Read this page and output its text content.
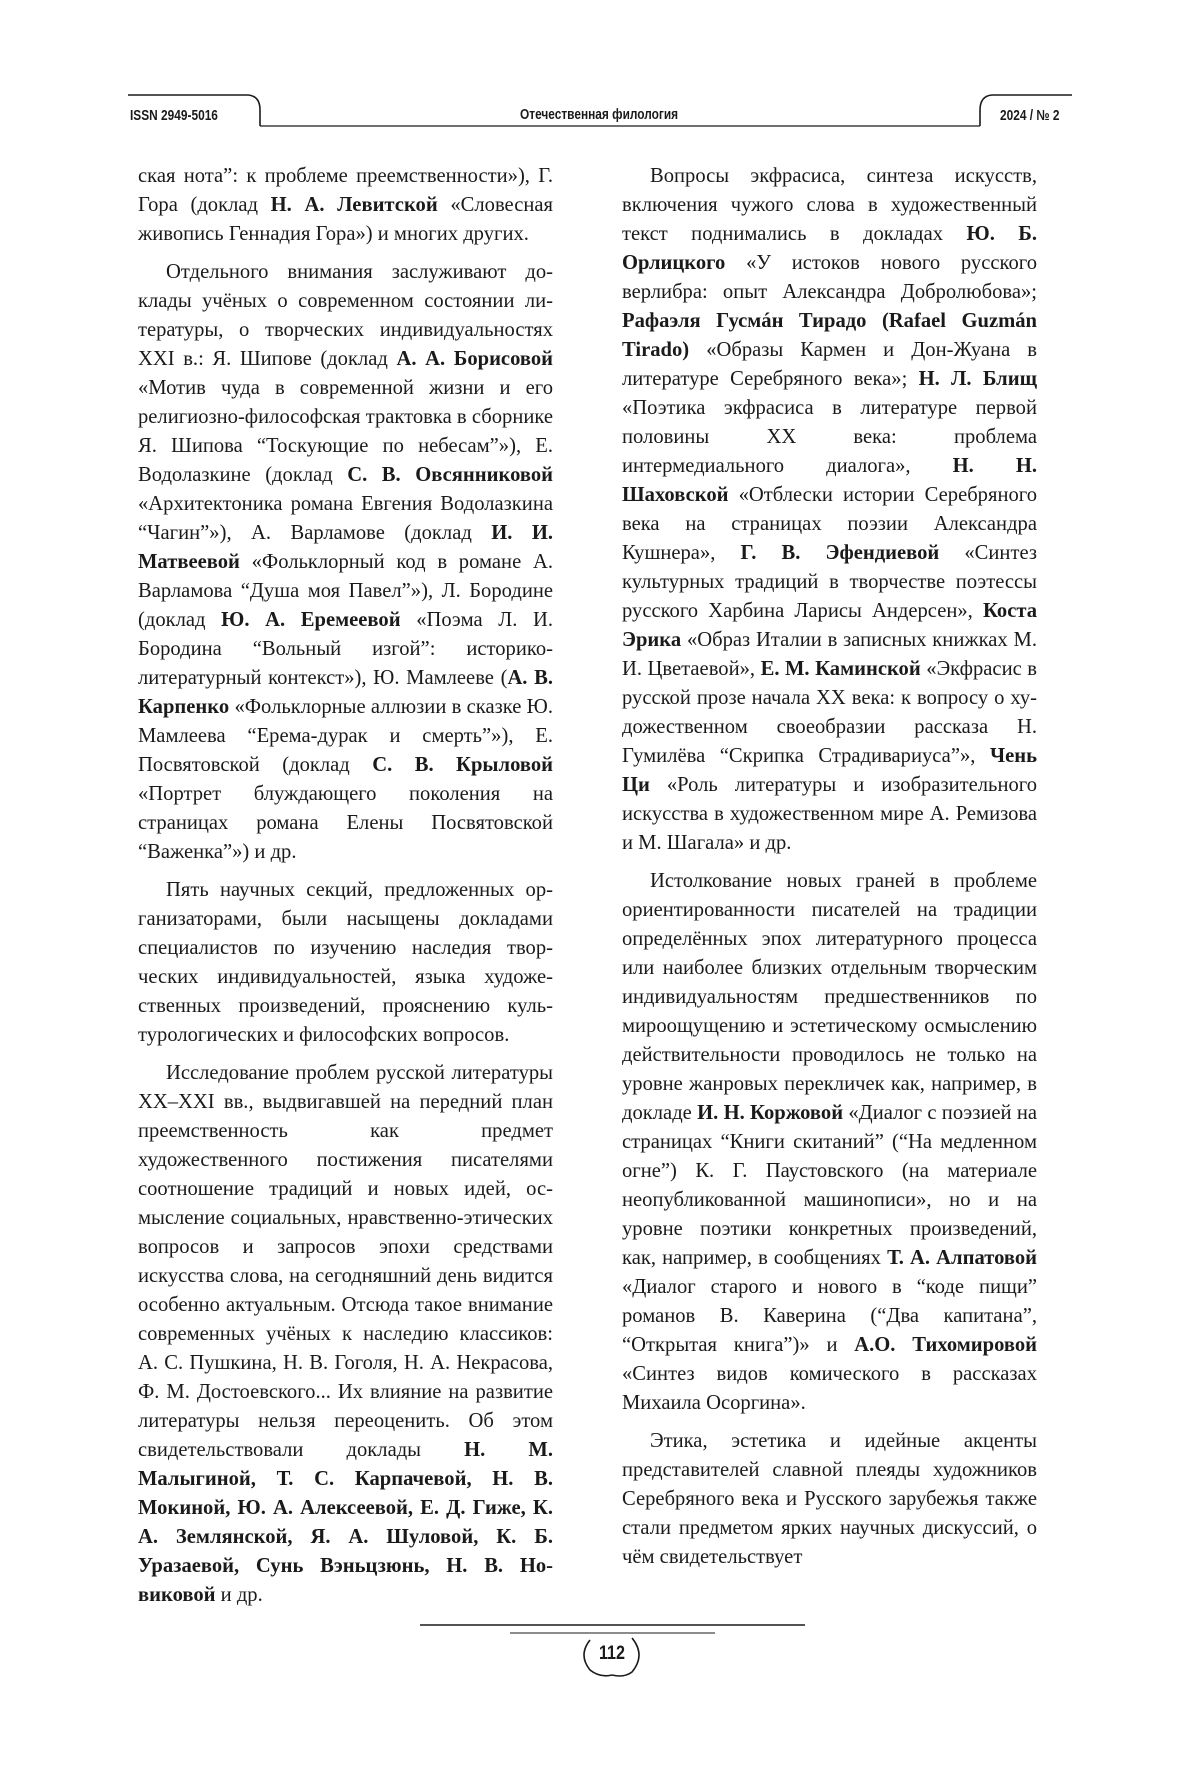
ISSN 2949-5016	Отечественная филология	2024 / № 2

ская нота”: к проблеме преемственности»), Г. Гора (доклад Н. А. Левитской «Словесная живопись Геннадия Гора») и многих других.

Отдельного внимания заслуживают доклады учёных о современном состоянии литературы, о творческих индивидуальностях XXI в.: Я. Шипове (доклад А. А. Борисовой «Мотив чуда в современной жизни и его религиозно-философская трактовка в сборнике Я. Шипова “Тоскующие по небесам”»), Е. Водолазкине (доклад С. В. Овсянниковой «Архитектоника романа Евгения Водолазкина “Чагин”»), А. Варламове (доклад И. И. Матвеевой «Фольклорный код в романе А. Варламова “Душа моя Павел”»), Л. Бородине (доклад Ю. А. Еремеевой «Поэма Л. И. Бородина “Вольный изгой”: историко-литературный контекст»), Ю. Мамлееве (А. В. Карпенко «Фольклорные аллюзии в сказке Ю. Мамлеева “Ерема-дурак и смерть”»), Е. Посвятовской (доклад С. В. Крыловой «Портрет блуждающего поколения на страницах романа Елены Посвятовской “Важенка”») и др.

Пять научных секций, предложенных организаторами, были насыщены докладами специалистов по изучению наследия творческих индивидуальностей, языка художественных произведений, прояснению культурологических и философских вопросов.

Исследование проблем русской литературы XX–XXI вв., выдвигавшей на передний план преемственность как предмет художественного постижения писателями соотношение традиций и новых идей, осмысление социальных, нравственно-этических вопросов и запросов эпохи средствами искусства слова, на сегодняшний день видится особенно актуальным. Отсюда такое внимание современных учёных к наследию классиков: А. С. Пушкина, Н. В. Гоголя, Н. А. Некрасова, Ф. М. Достоевского... Их влияние на развитие литературы нельзя переоценить. Об этом свидетельствовали доклады Н. М. Малыгиной, Т. С. Карпачевой, Н. В. Мокиной, Ю. А. Алексеевой, Е. Д. Гиже, К. А. Землянской, Я. А. Шуловой, К. Б. Уразаевой, Сунь Вэньцзюнь, Н. В. Новиковой и др.

Вопросы экфрасиса, синтеза искусств, включения чужого слова в художественный текст поднимались в доклaдах Ю. Б. Орлицкого «У истоков нового русского верлибра: опыт Александра Добролюбова»; Рафаэля Гусмáн Тирадо (Rafael Guzmán Tirado) «Образы Кармен и Дон-Жуана в литературе Серебряного века»; Н. Л. Блищ «Поэтика экфрасиса в литературе первой половины XX века: проблема интермедиального диалога», Н. Н. Шаховской «Отблески истории Серебряного века на страницах поэзии Александра Кушнера», Г. В. Эфендиевой «Синтез культурных традиций в творчестве поэтессы русского Харбина Ларисы Андерсен», Коста Эрика «Образ Италии в записных книжках М. И. Цветаевой», Е. М. Каминской «Экфрасис в русской прозе начала XX века: к вопросу о художественном своеобразии рассказа Н. Гумилёва “Скрипка Страдивариуса”», Чень Ци «Роль литературы и изобразительного искусства в художественном мире А. Ремизова и М. Шагала» и др.

Истолкование новых граней в проблеме ориентированности писателей на традиции определённых эпох литературного процесса или наиболее близких отдельным творческим индивидуальностям предшественников по мироощущению и эстетическому осмыслению действительности проводилось не только на уровне жанровых перекличек как, например, в докладе И. Н. Коржовой «Диалог с поэзией на страницах “Книги скитаний” (“На медленном огне”) К. Г. Паустовского (на материале неопубликованной машинописи», но и на уровне поэтики конкретных произведений, как, например, в сообщениях Т. А. Алпатовой «Диалог старого и нового в “коде пищи” романов В. Каверина (“Два капитана”, “Открытая книга”)» и А.О. Тихомировой «Синтез видов комического в рассказах Михаила Осоргина».

Этика, эстетика и идейные акценты представителей славной плеяды художников Серебряного века и Русского зарубежья также стали предметом ярких научных дискуссий, о чём свидетельствует

112
